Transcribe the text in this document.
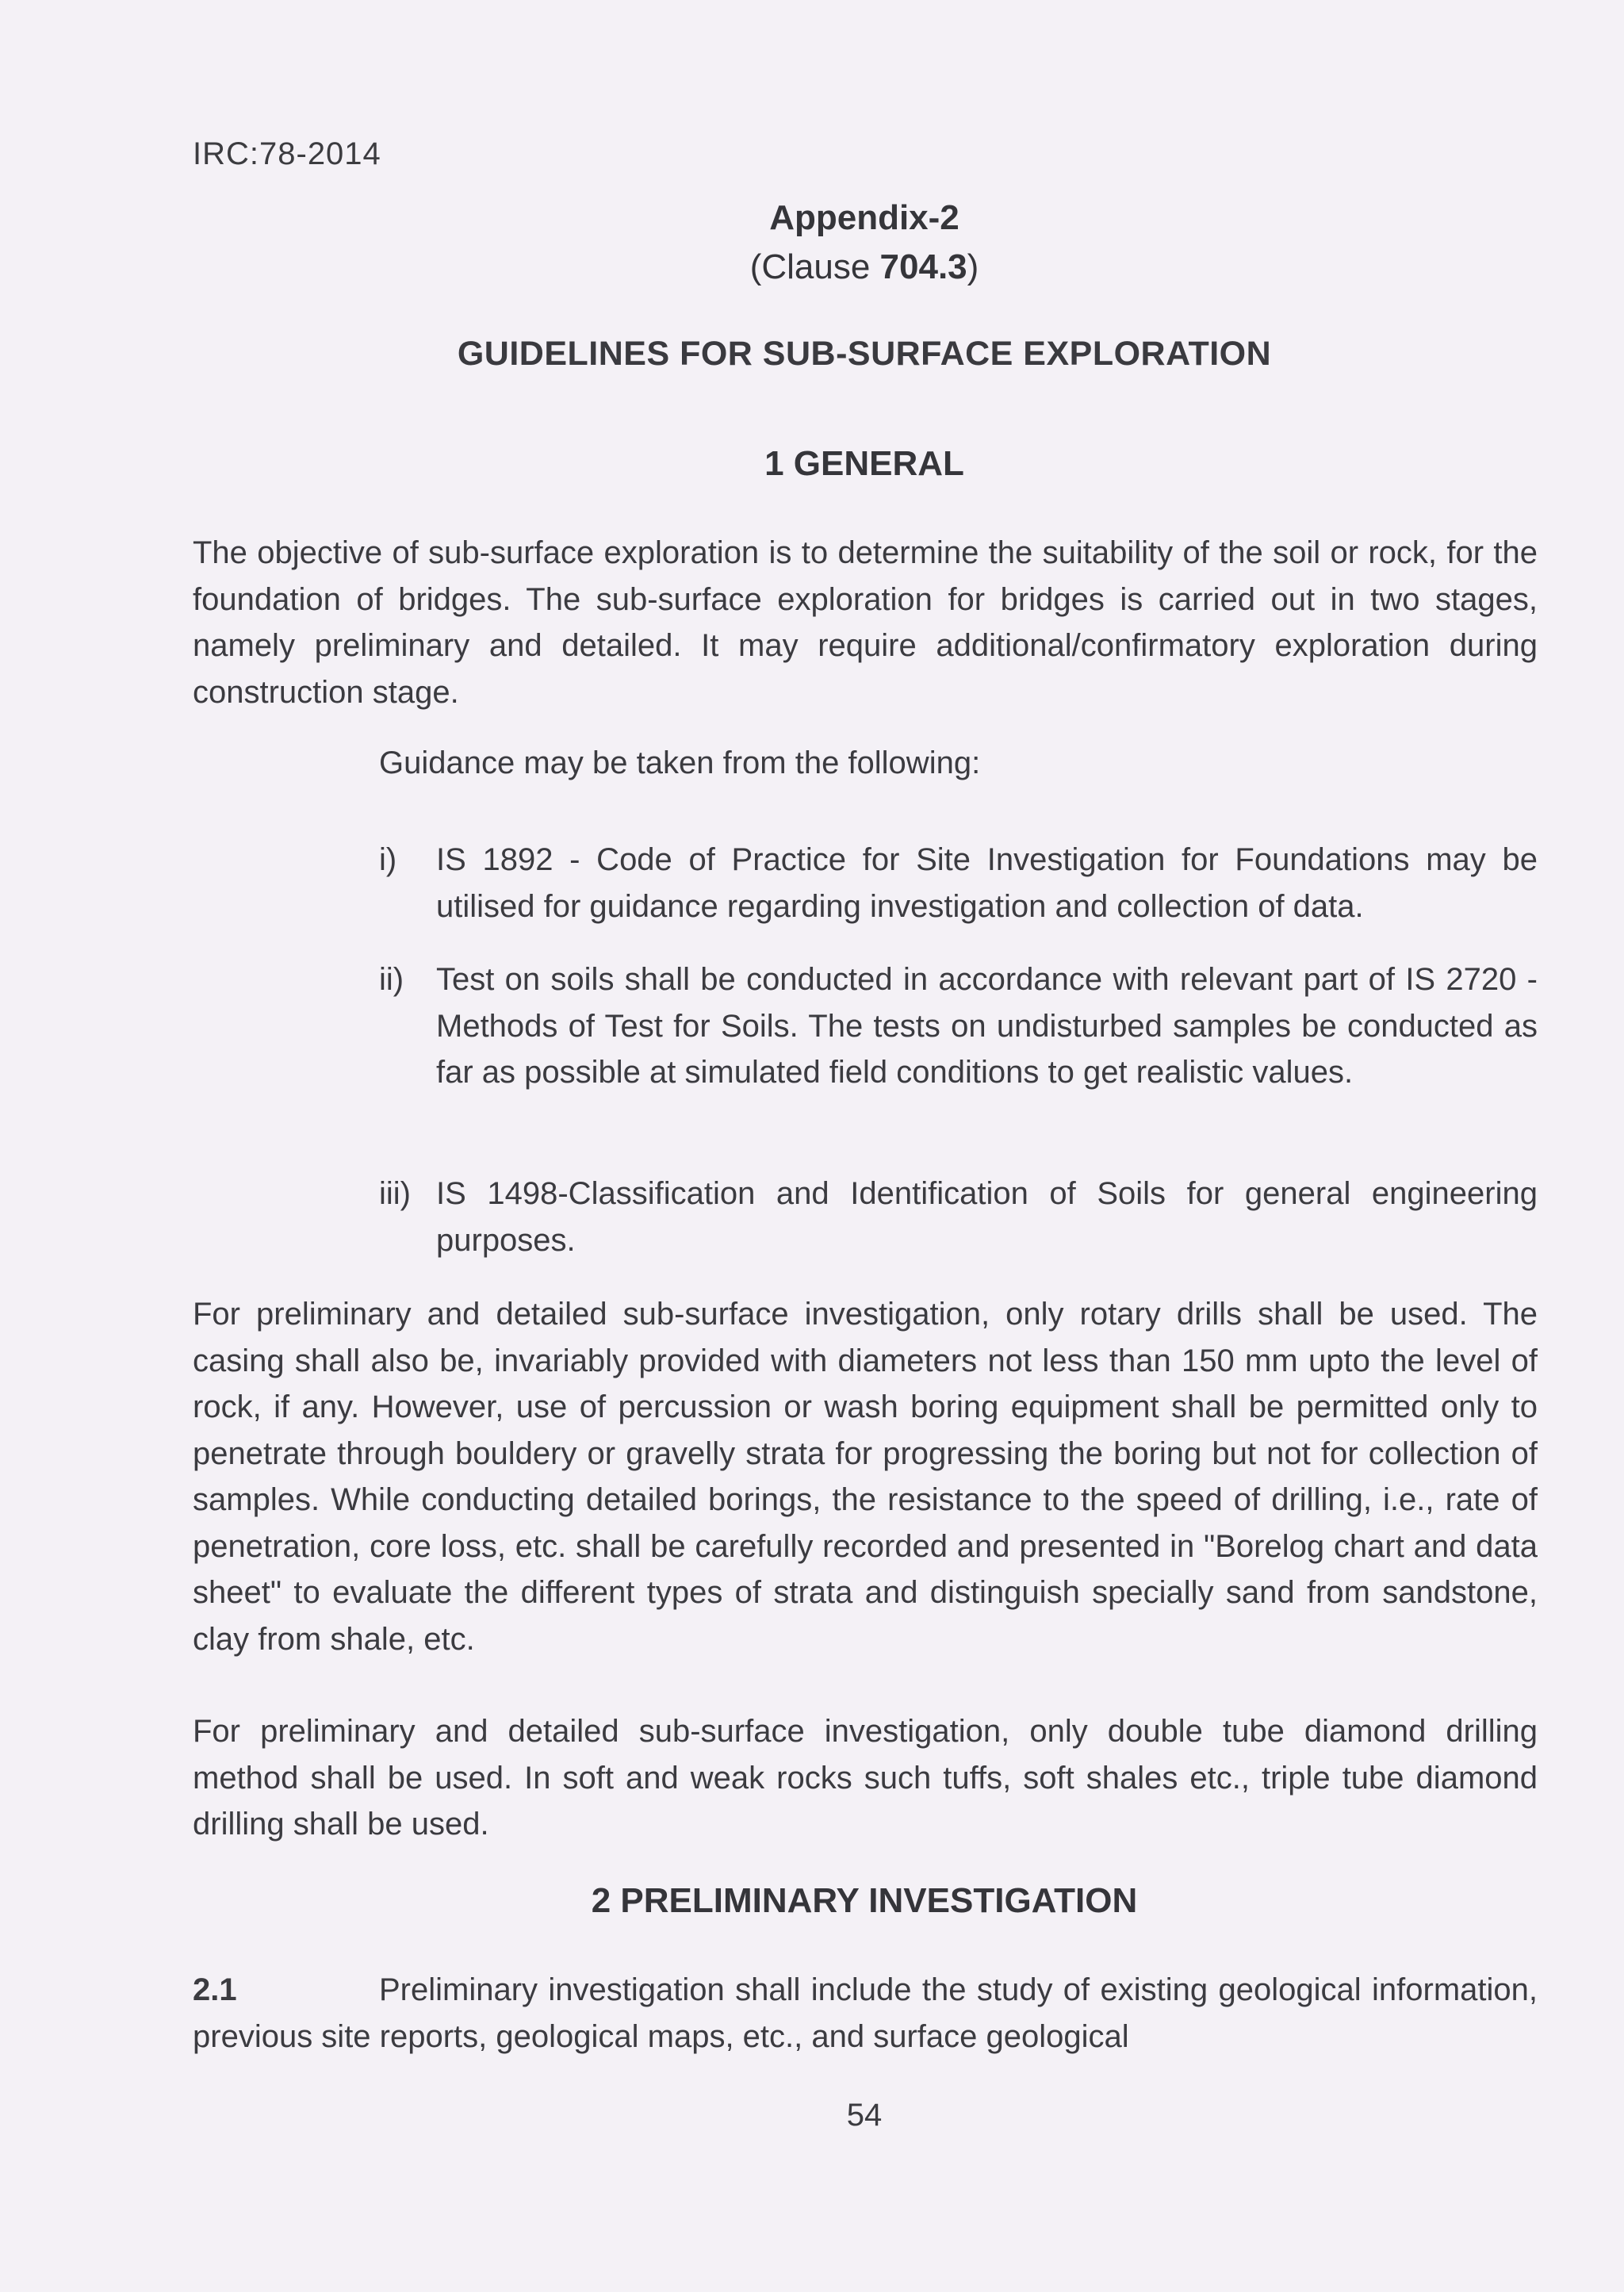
IRC:78-2014
Appendix-2
(Clause 704.3)
GUIDELINES FOR SUB-SURFACE EXPLORATION
1 GENERAL
The objective of sub-surface exploration is to determine the suitability of the soil or rock, for the foundation of bridges. The sub-surface exploration for bridges is carried out in two stages, namely preliminary and detailed. It may require additional/confirmatory exploration during construction stage.
Guidance may be taken from the following:
i) IS 1892 - Code of Practice for Site Investigation for Foundations may be utilised for guidance regarding investigation and collection of data.
ii) Test on soils shall be conducted in accordance with relevant part of IS 2720 - Methods of Test for Soils. The tests on undisturbed samples be conducted as far as possible at simulated field conditions to get realistic values.
iii) IS 1498-Classification and Identification of Soils for general engineering purposes.
For preliminary and detailed sub-surface investigation, only rotary drills shall be used. The casing shall also be, invariably provided with diameters not less than 150 mm upto the level of rock, if any. However, use of percussion or wash boring equipment shall be permitted only to penetrate through bouldery or gravelly strata for progressing the boring but not for collection of samples. While conducting detailed borings, the resistance to the speed of drilling, i.e., rate of penetration, core loss, etc. shall be carefully recorded and presented in "Borelog chart and data sheet" to evaluate the different types of strata and distinguish specially sand from sandstone, clay from shale, etc.
For preliminary and detailed sub-surface investigation, only double tube diamond drilling method shall be used. In soft and weak rocks such tuffs, soft shales etc., triple tube diamond drilling shall be used.
2 PRELIMINARY INVESTIGATION
2.1	Preliminary investigation shall include the study of existing geological information, previous site reports, geological maps, etc., and surface geological
54
